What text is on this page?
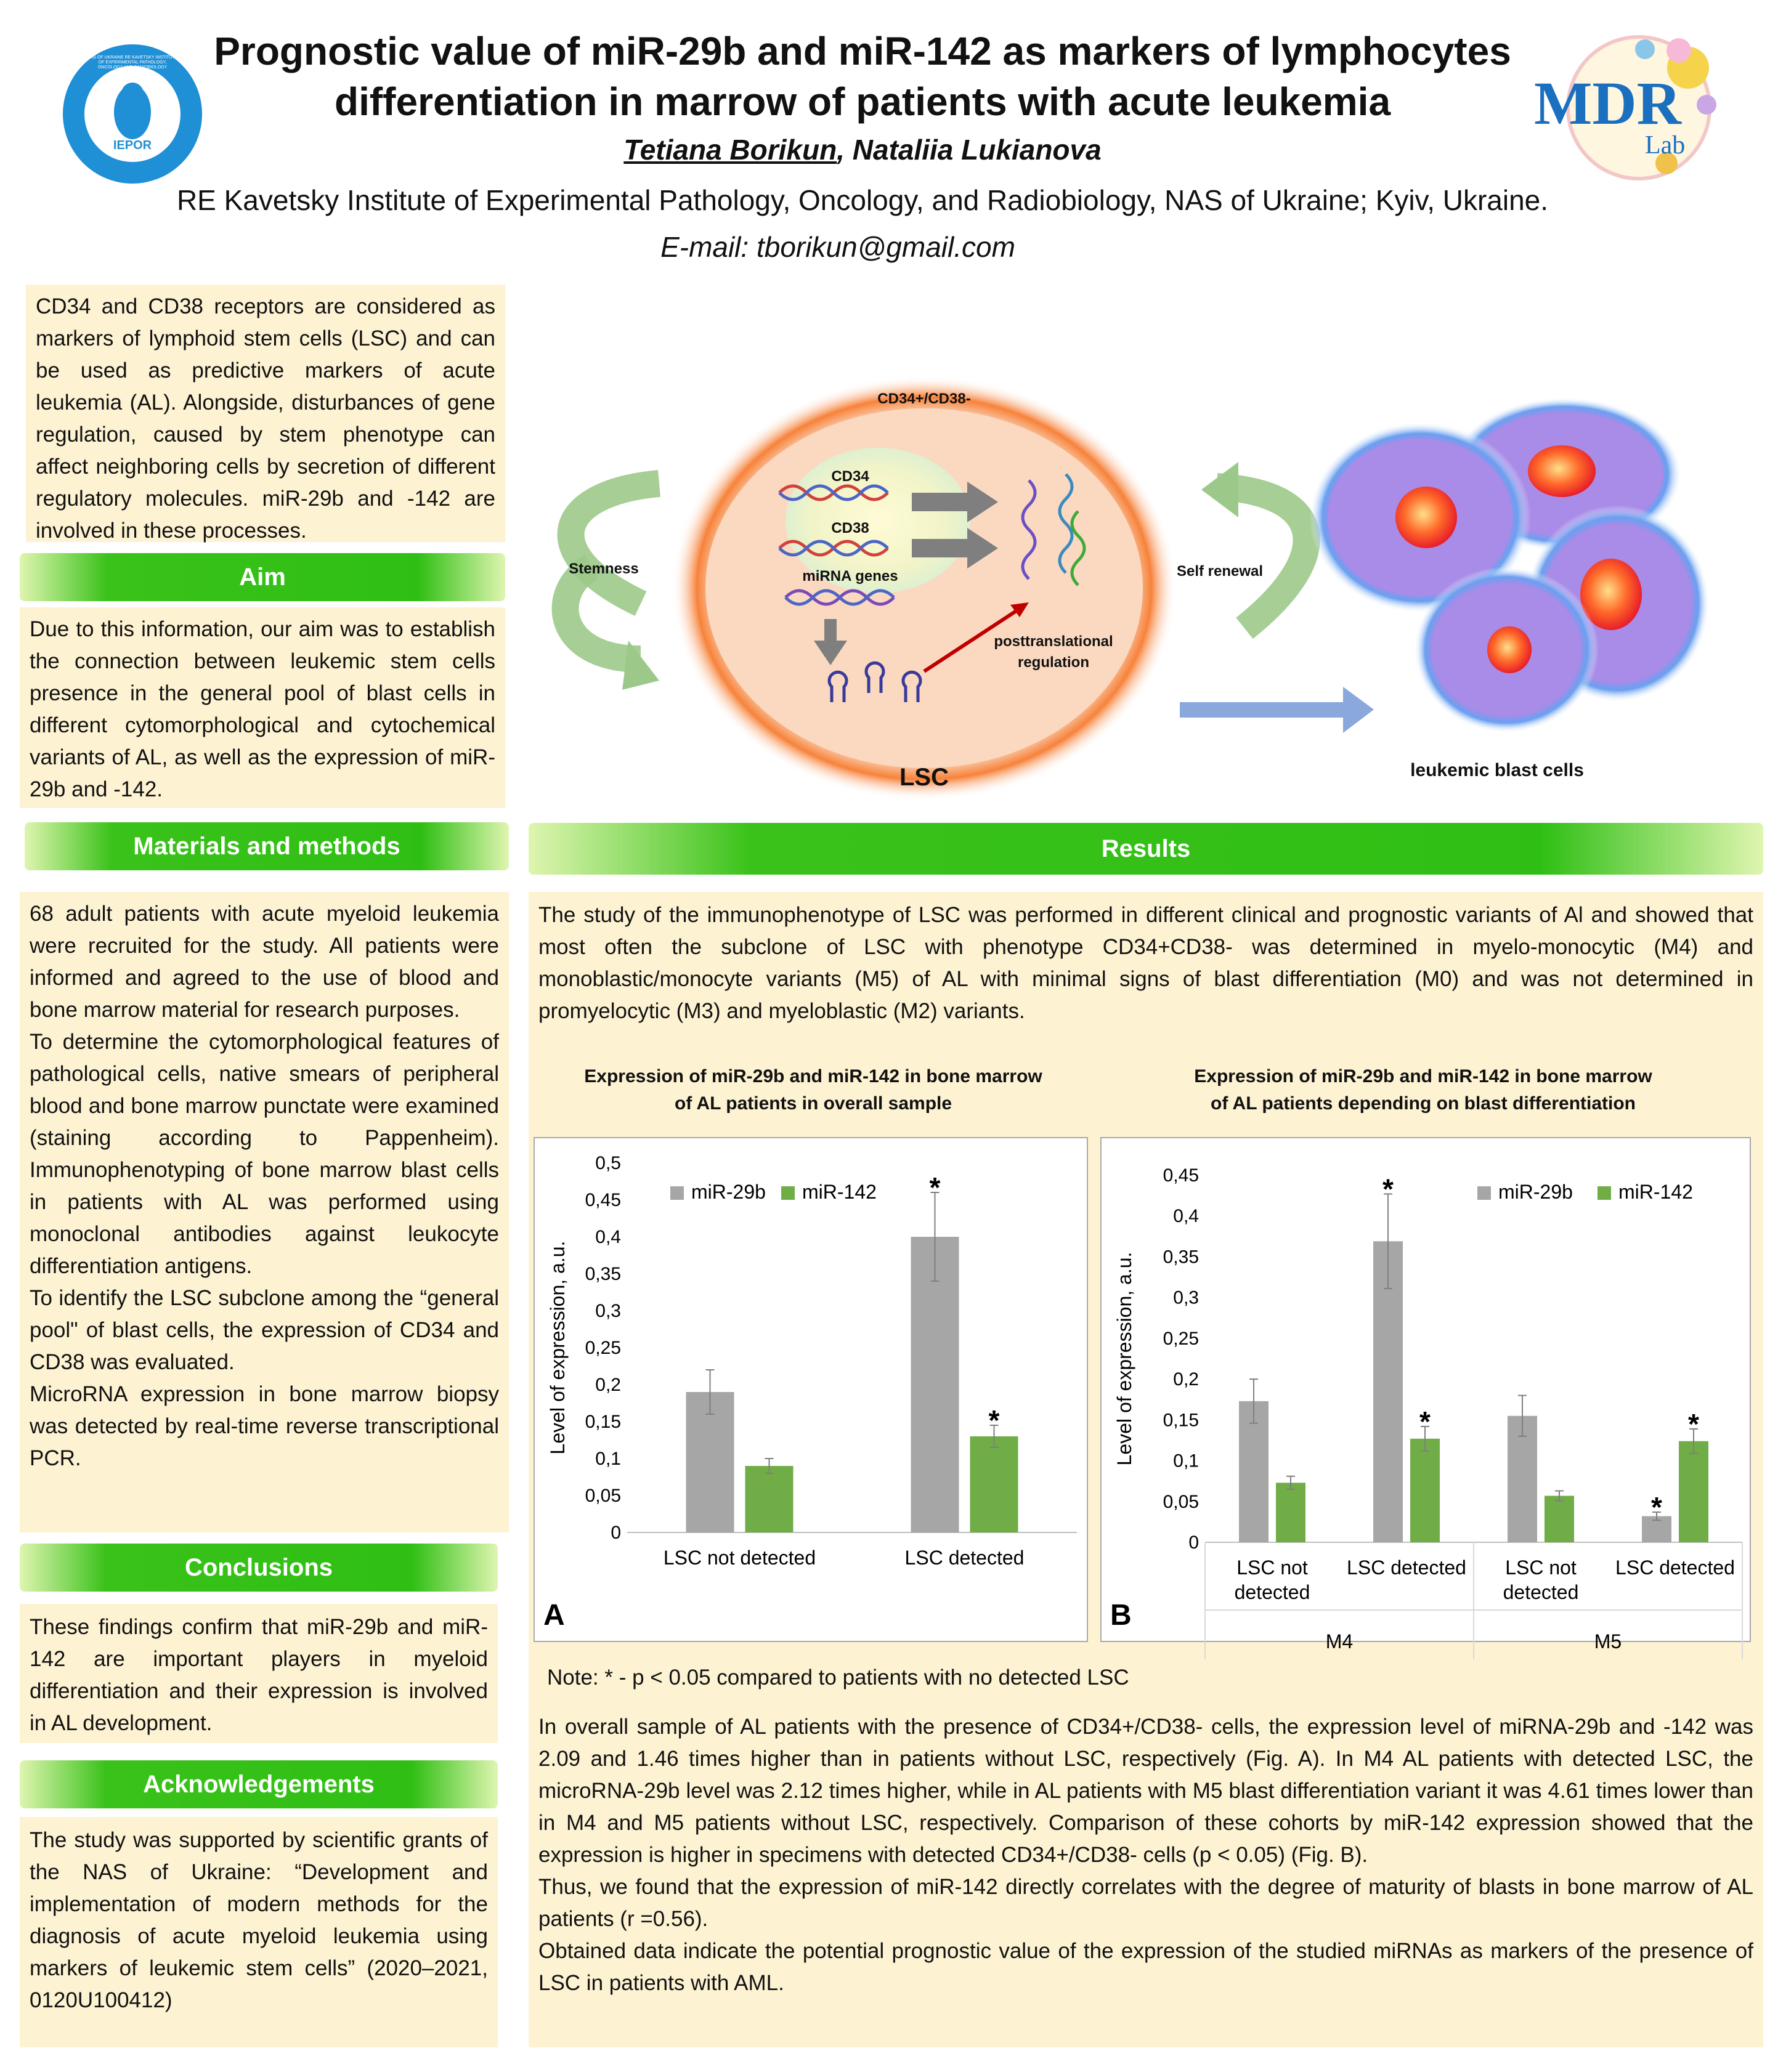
IEPOR
NAS OF UKRAINE RE KAVETSKY INSTITUTE OF EXPERIMENTAL PATHOLOGY, ONCOLOGY AND RADIOBIOLOGY Prognostic value of miR-29b and miR-142 as markers of lymphocytes
differentiation in marrow of patients with acute leukemia
Tetiana Borikun, Nataliia Lukianova
RE Kavetsky Institute of Experimental Pathology, Oncology, and Radiobiology, NAS of Ukraine; Kyiv, Ukraine.
E-mail: tborikun@gmail.com
MDR
Lab

CD34 and CD38 receptors are considered as markers of lymphoid stem cells (LSC) and can be used as predictive markers of acute leukemia (AL). Alongside, disturbances of gene regulation, caused by stem phenotype can affect neighboring cells by secretion of different regulatory molecules. miR-29b and -142 are involved in these processes.

Aim

Due to this information, our aim was to establish the connection between leukemic stem cells presence in the general pool of blast cells in different cytomorphological and cytochemical variants of AL, as well as the expression of miR-29b and -142.

Materials and methods

68 adult patients with acute myeloid leukemia were recruited for the study. All patients were informed and agreed to the use of blood and bone marrow material for research purposes.

To determine the cytomorphological features of pathological cells, native smears of peripheral blood and bone marrow punctate were examined (staining according to Pappenheim). Immunophenotyping of bone marrow blast cells in patients with AL was performed using monoclonal antibodies against leukocyte differentiation antigens.

To identify the LSC subclone among the “general pool" of blast cells, the expression of CD34 and CD38 was evaluated.

MicroRNA expression in bone marrow biopsy was detected by real-time reverse transcriptional PCR.

Conclusions

These findings confirm that miR-29b and miR-142 are important players in myeloid differentiation and their expression is involved in AL development.

Acknowledgements

The study was supported by scientific grants of the NAS of Ukraine: “Development and implementation of modern methods for the diagnosis of acute myeloid leukemia using markers of leukemic stem cells” (2020–2021, 0120U100412)

CD34+/CD38-
CD34
CD38
miRNA genes
posttranslational
regulation
Stemness	Self renewal
LSC	leukemic blast cells
Results

The study of the immunophenotype of LSC was performed in different clinical and prognostic variants of Al and showed that most often the subclone of LSC with phenotype CD34+CD38- was determined in myelo-monocytic (M4) and monoblastic/monocyte variants (M5) of AL with minimal signs of blast differentiation (M0) and was not determined in promyelocytic (M3) and myeloblastic (M2) variants.

Expression of miR-29b and miR-142 in bone marrow
of AL patients in overall sample
0
0,05
0,1
0,15
0,2
0,25
0,3
0,35
0,4
0,45
0,5
Level of expression, a.u.
LSC not detected
*
*
LSC detected
miR-29b miR-142
A
Expression of miR-29b and miR-142 in bone marrow
of AL patients depending on blast differentiation
0
0,05
0,1
0,15
0,2
0,25
0,3
0,35
0,4
0,45
Level of expression, a.u.
LSC not
detected
*
*
LSC detected LSC not
detected
*
*
LSC detected
M4	M5
miR-29b miR-142
B
Note: * - p < 0.05 compared to patients with no detected LSC

In overall sample of AL patients with the presence of CD34+/CD38- cells, the expression level of miRNA-29b and -142 was 2.09 and 1.46 times higher than in patients without LSC, respectively (Fig. A). In M4 AL patients with detected LSC, the microRNA-29b level was 2.12 times higher, while in AL patients with M5 blast differentiation variant it was 4.61 times lower than in M4 and M5 patients without LSC, respectively. Comparison of these cohorts by miR-142 expression showed that the expression is higher in specimens with detected CD34+/CD38- cells (p < 0.05) (Fig. B).

Thus, we found that the expression of miR-142 directly correlates with the degree of maturity of blasts in bone marrow of AL patients (r =0.56).

Obtained data indicate the potential prognostic value of the expression of the studied miRNAs as markers of the presence of LSC in patients with AML.
